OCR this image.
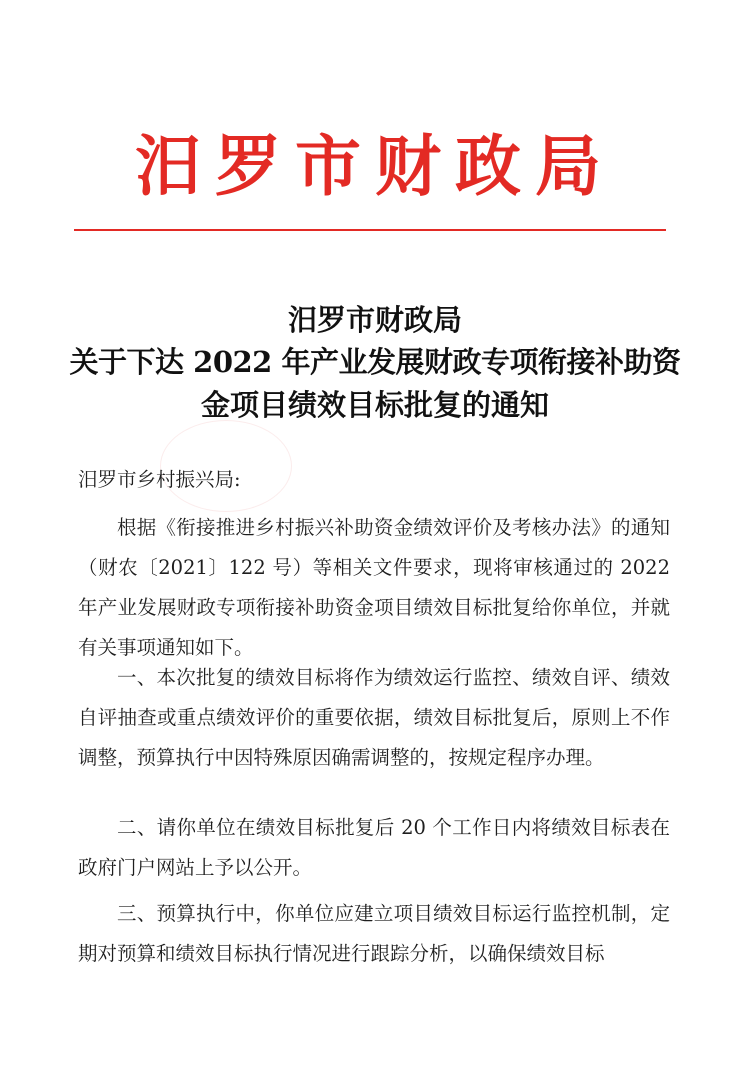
汨罗市财政局
汨罗市财政局
关于下达 2022 年产业发展财政专项衔接补助资
金项目绩效目标批复的通知
汨罗市乡村振兴局:
根据《衔接推进乡村振兴补助资金绩效评价及考核办法》的通知（财农〔2021〕122 号）等相关文件要求，现将审核通过的 2022 年产业发展财政专项衔接补助资金项目绩效目标批复给你单位，并就有关事项通知如下。
一、本次批复的绩效目标将作为绩效运行监控、绩效自评、绩效自评抽查或重点绩效评价的重要依据，绩效目标批复后，原则上不作调整，预算执行中因特殊原因确需调整的，按规定程序办理。
二、请你单位在绩效目标批复后 20 个工作日内将绩效目标表在政府门户网站上予以公开。
三、预算执行中，你单位应建立项目绩效目标运行监控机制，定期对预算和绩效目标执行情况进行跟踪分析，以确保绩效目标
